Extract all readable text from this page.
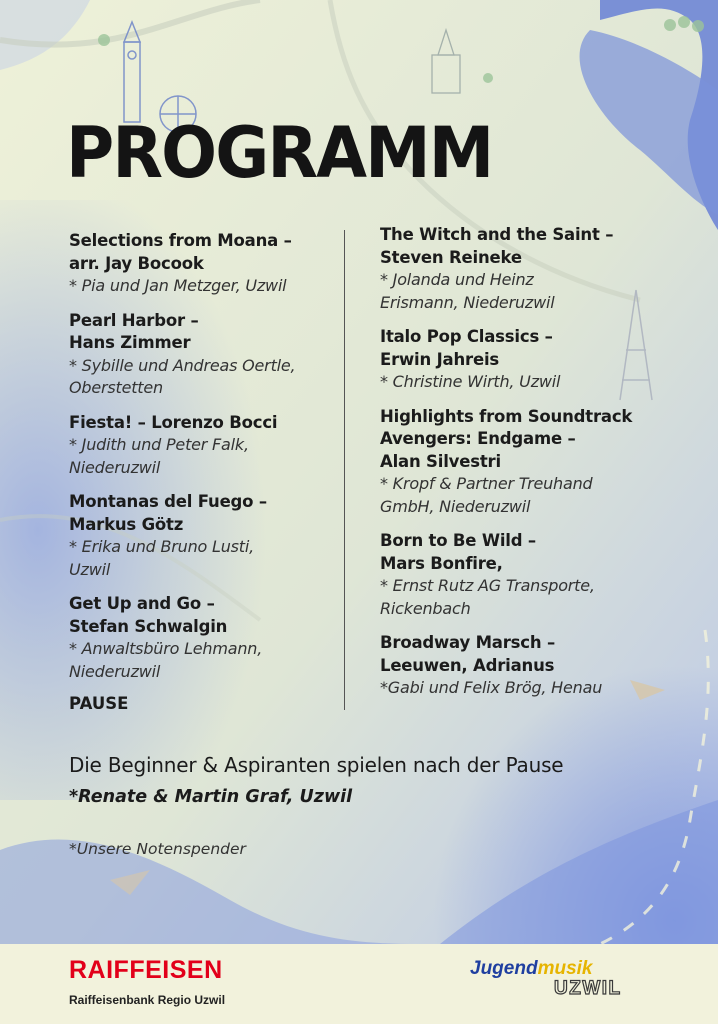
PROGRAMM
Selections from Moana –
arr. Jay Bocook
* Pia und Jan Metzger, Uzwil
Pearl Harbor –
Hans Zimmer
* Sybille und Andreas Oertle,
Oberstetten
Fiesta! – Lorenzo Bocci
* Judith und Peter Falk,
Niederuzwil
Montanas del Fuego –
Markus Götz
* Erika und Bruno Lusti,
Uzwil
Get Up and Go –
Stefan Schwalgin
* Anwaltsbüro Lehmann,
Niederuzwil
PAUSE
The Witch and the Saint –
Steven Reineke
* Jolanda und Heinz
Erismann, Niederuzwil
Italo Pop Classics –
Erwin Jahreis
* Christine Wirth, Uzwil
Highlights from Soundtrack
Avengers: Endgame –
Alan Silvestri
* Kropf & Partner Treuhand
GmbH, Niederuzwil
Born to Be Wild –
Mars Bonfire,
* Ernst Rutz AG Transporte,
Rickenbach
Broadway Marsch –
Leeuwen, Adrianus
*Gabi und Felix Brög, Henau

Die Beginner & Aspiranten spielen nach der Pause

*Renate & Martin Graf, Uzwil

*Unsere Notenspender

RAIFFEISEN

Raiffeisenbank Regio Uzwil

Jugendmusik

UZWIL
